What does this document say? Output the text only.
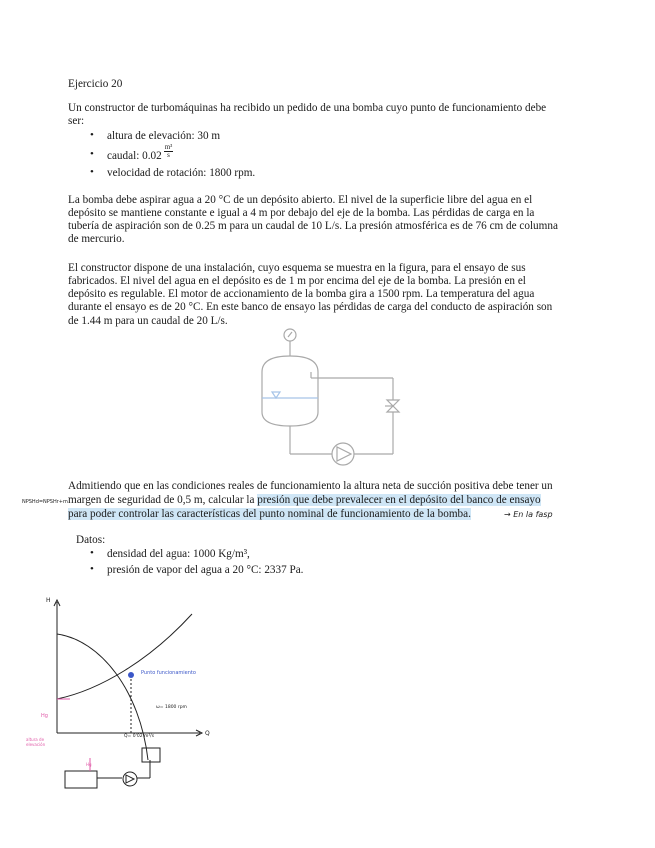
Ejercicio 20
Un constructor de turbomáquinas ha recibido un pedido de una bomba cuyo punto de funcionamiento debe
ser:
• altura de elevación: 30 m
• caudal: $0.02 \frac{\text{m³}}{s}$
• velocidad de rotación: 1800 rpm.
La bomba debe aspirar agua a 20 °C de un depósito abierto. El nivel de la superficie libre del agua en el
depósito se mantiene constante e igual a 4 m por debajo del eje de la bomba. Las pérdidas de carga en la
tubería de aspiración son de 0.25 m para un caudal de 10 L/s. La presión atmosférica es de 76 cm de columna
de mercurio.
El constructor dispone de una instalación, cuyo esquema se muestra en la figura, para el ensayo de sus
fabricados. El nivel del agua en el depósito es de 1 m por encima del eje de la bomba. La presión en el
depósito es regulable. El motor de accionamiento de la bomba gira a 1500 rpm. La temperatura del agua
durante el ensayo es de 20 °C. En este banco de ensayo las pérdidas de carga del conducto de aspiración son
de 1.44 m para un caudal de 20 L/s.
Admitiendo que en las condiciones reales de funcionamiento la altura neta de succión positiva debe tener un
margen de seguridad de 0,5 m, calcular la presión que debe prevalecer en el depósito del banco de ensayo
para poder controlar las características del punto nominal de funcionamiento de la bomba.
NPSHd=NPSHr+m
→ En la fasp
Datos:
• densidad del agua: 1000 Kg/m³,
• presión de vapor del agua a 20 °C: 2337 Pa.
H
Q
Punto funcionamiento
ω= 1800 rpm
Q= 0'02 m³/s
Hg
altura de
elevación
Hg
